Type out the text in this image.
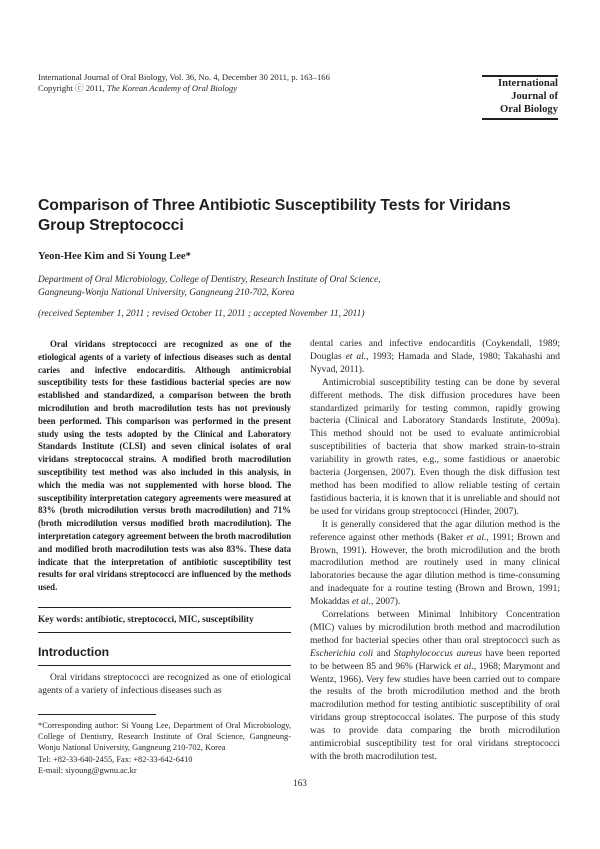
International Journal of Oral Biology, Vol. 36, No. 4, December 30 2011, p. 163–166
Copyright ⓒ 2011, The Korean Academy of Oral Biology	International
Journal of
Oral Biology
Comparison of Three Antibiotic Susceptibility Tests for Viridans Group Streptococci
Yeon-Hee Kim and Si Young Lee*
Department of Oral Microbiology, College of Dentistry, Research Institute of Oral Science,
Gangneung-Wonju National University, Gangneung 210-702, Korea
(received September 1, 2011 ; revised October 11, 2011 ; accepted November 11, 2011)

Oral viridans streptococci are recognized as one of the etiological agents of a variety of infectious diseases such as dental caries and infective endocarditis. Although antimicrobial susceptibility tests for these fastidious bacterial species are now established and standardized, a comparison between the broth microdilution and broth macrodilution tests has not previously been performed. This comparison was performed in the present study using the tests adopted by the Clinical and Laboratory Standards Institute (CLSI) and seven clinical isolates of oral viridans streptococcal strains. A modified broth macrodilution susceptibility test method was also included in this analysis, in which the media was not supplemented with horse blood. The susceptibility interpretation category agreements were measured at 83% (broth microdilution versus broth macrodilution) and 71% (broth microdilution versus modified broth macrodilution). The interpretation category agreement between the broth macrodilution and modified broth macrodilution tests was also 83%. These data indicate that the interpretation of antibiotic susceptibility test results for oral viridans streptococci are influenced by the methods used.

Key words: antibiotic, streptococci, MIC, susceptibility
Introduction

Oral viridans streptococci are recognized as one of etiological agents of a variety of infectious diseases such as

*Corresponding author: Si Young Lee, Department of Oral Microbiology, College of Dentistry, Research Institute of Oral Science, Gangneung-Wonju National University, Gangneung 210-702, Korea
Tel: +82-33-640-2455, Fax: +82-33-642-6410
E-mail: siyoung@gwnu.ac.kr

dental caries and infective endocarditis (Coykendall, 1989; Douglas et al., 1993; Hamada and Slade, 1980; Takahashi and Nyvad, 2011).

Antimicrobial susceptibility testing can be done by several different methods. The disk diffusion procedures have been standardized primarily for testing common, rapidly growing bacteria (Clinical and Laboratory Standards Institute, 2009a). This method should not be used to evaluate antimicrobial susceptibilities of bacteria that show marked strain-to-strain variability in growth rates, e.g., some fastidious or anaerobic bacteria (Jorgensen, 2007). Even though the disk diffusion test method has been modified to allow reliable testing of certain fastidious bacteria, it is known that it is unreliable and should not be used for viridans group streptococci (Hinder, 2007).

It is generally considered that the agar dilution method is the reference against other methods (Baker et al., 1991; Brown and Brown, 1991). However, the broth microdilution and the broth macrodilution method are routinely used in many clinical laboratories because the agar dilution method is time-consuming and inadequate for a routine testing (Brown and Brown, 1991; Mokaddas et al., 2007).

Correlations between Minimal Inhibitory Concentration (MIC) values by microdilution broth method and macrodilution method for bacterial species other than oral streptococci such as Escherichia coli and Staphylococcus aureus have been reported to be between 85 and 96% (Harwick et al., 1968; Marymont and Wentz, 1966). Very few studies have been carried out to compare the results of the broth microdilution method and the broth macrodilution method for testing antibiotic susceptibility of oral viridans group streptococcal isolates. The purpose of this study was to provide data comparing the broth microdilution antimicrobial susceptibility test for oral viridans streptococci with the broth macrodilution test.

163
